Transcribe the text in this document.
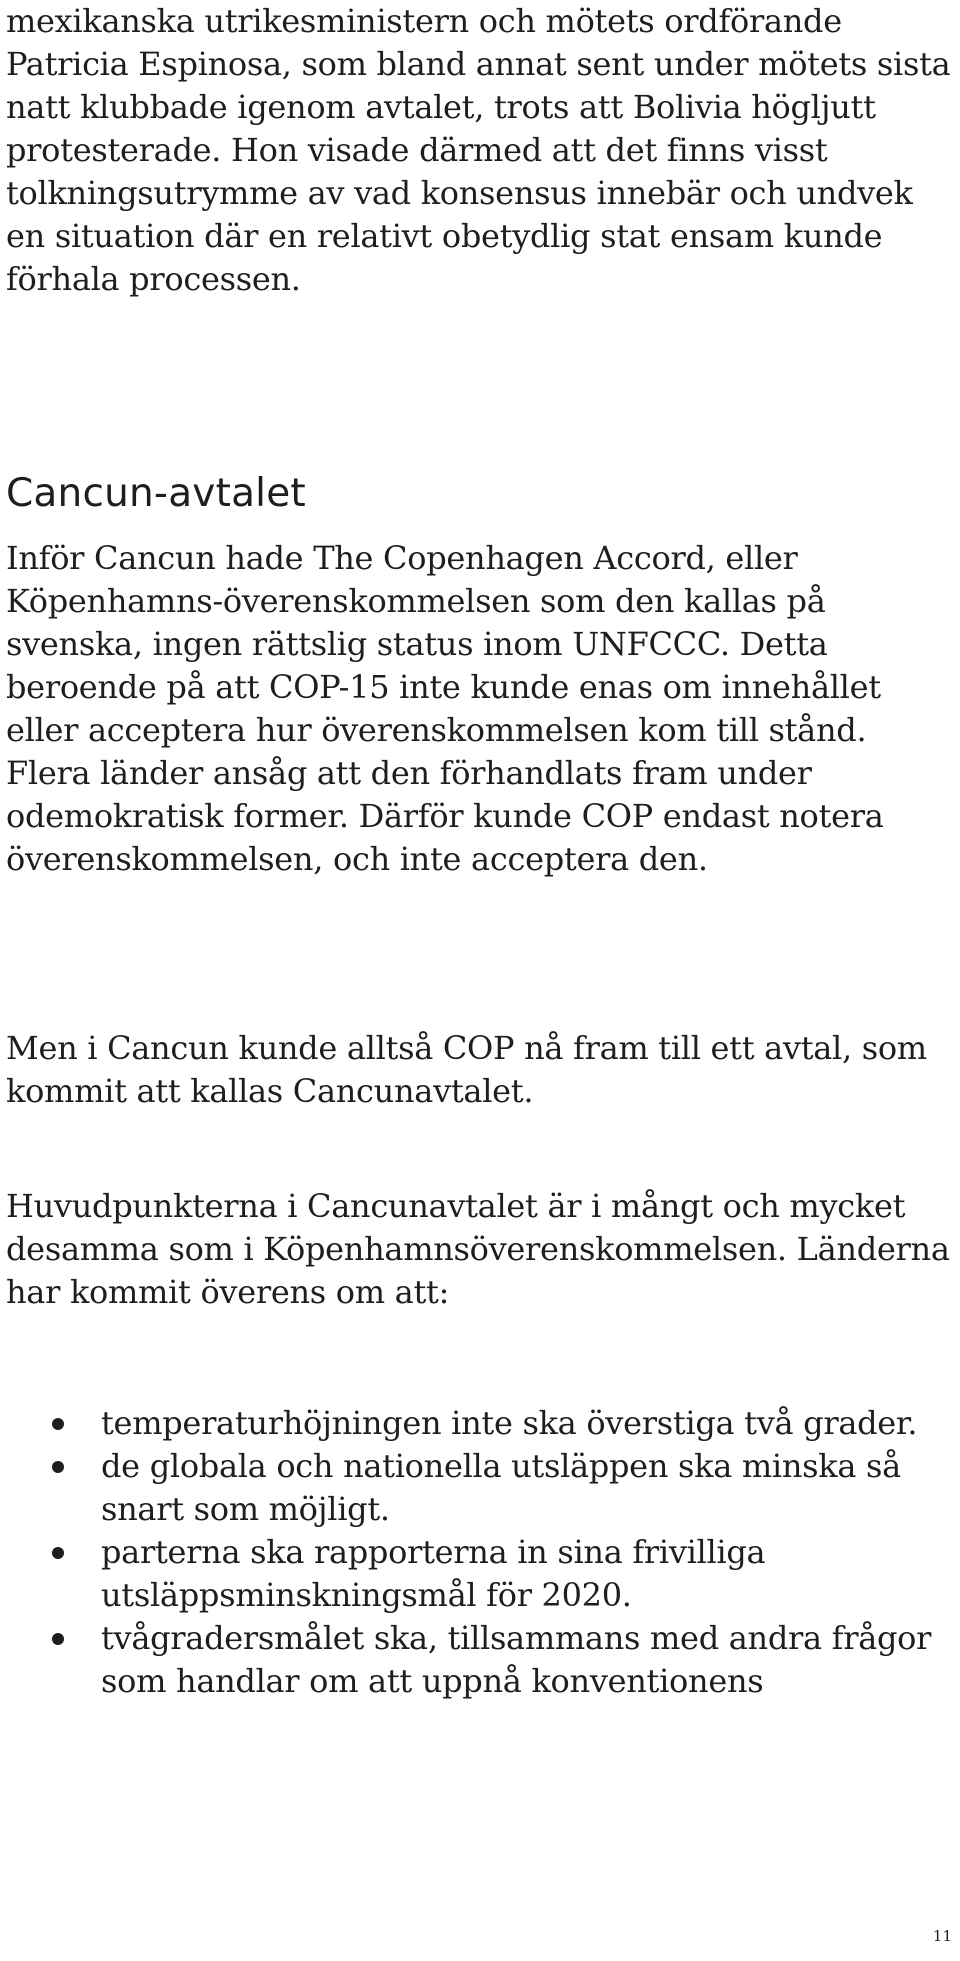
mexikanska utrikesministern och mötets ordförande Patricia Espinosa, som bland annat sent under mötets sista natt klubbade igenom avtalet, trots att Bolivia högljutt protesterade. Hon visade därmed att det finns visst tolkningsutrymme av vad konsensus innebär och undvek en situation där en relativt obetydlig stat ensam kunde förhala processen.

Cancun-avtalet

Inför Cancun hade The Copenhagen Accord, eller Köpenhamns-överenskommelsen som den kallas på svenska, ingen rättslig status inom UNFCCC. Detta beroende på att COP-15 inte kunde enas om innehållet eller acceptera hur överenskommelsen kom till stånd. Flera länder ansåg att den förhandlats fram under odemokratisk former. Därför kunde COP endast notera överenskommelsen, och inte acceptera den.

Men i Cancun kunde alltså COP nå fram till ett avtal, som kommit att kallas Cancunavtalet.

Huvudpunkterna i Cancunavtalet är i mångt och mycket desamma som i Köpenhamnsöverenskommelsen. Länderna har kommit överens om att:

temperaturhöjningen inte ska överstiga två grader.
de globala och nationella utsläppen ska minska så snart som möjligt.
parterna ska rapporterna in sina frivilliga utsläppsminskningsmål för 2020.
tvågradersmålet ska, tillsammans med andra frågor som handlar om att uppnå konventionens
11
